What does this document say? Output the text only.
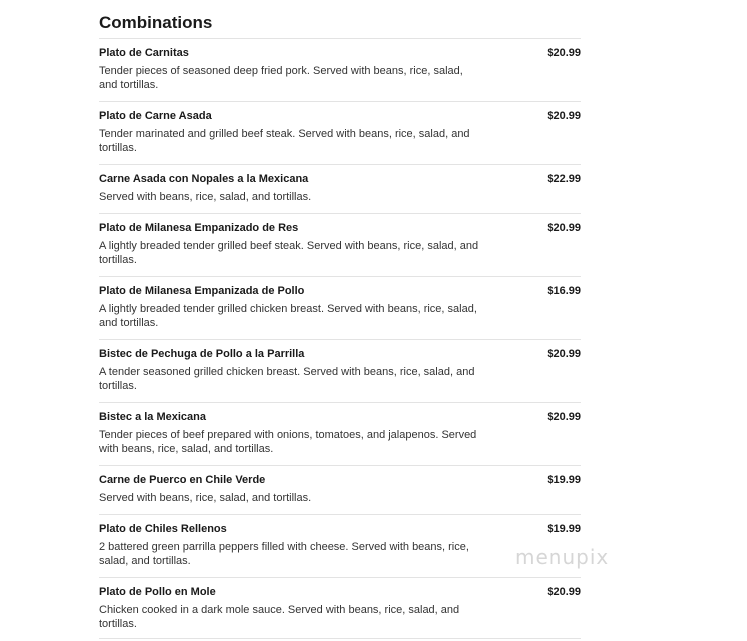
Combinations
Plato de Carnitas	$20.99
Tender pieces of seasoned deep fried pork. Served with beans, rice, salad, and tortillas.
Plato de Carne Asada	$20.99
Tender marinated and grilled beef steak. Served with beans, rice, salad, and tortillas.
Carne Asada con Nopales a la Mexicana	$22.99
Served with beans, rice, salad, and tortillas.
Plato de Milanesa Empanizado de Res	$20.99
A lightly breaded tender grilled beef steak. Served with beans, rice, salad, and tortillas.
Plato de Milanesa Empanizada de Pollo	$16.99
A lightly breaded tender grilled chicken breast. Served with beans, rice, salad, and tortillas.
Bistec de Pechuga de Pollo a la Parrilla	$20.99
A tender seasoned grilled chicken breast. Served with beans, rice, salad, and tortillas.
Bistec a la Mexicana	$20.99
Tender pieces of beef prepared with onions, tomatoes, and jalapenos. Served with beans, rice, salad, and tortillas.
Carne de Puerco en Chile Verde	$19.99
Served with beans, rice, salad, and tortillas.
Plato de Chiles Rellenos	$19.99
2 battered green parrilla peppers filled with cheese. Served with beans, rice, salad, and tortillas.
Plato de Pollo en Mole	$20.99
Chicken cooked in a dark mole sauce. Served with beans, rice, salad, and tortillas.
menupix
